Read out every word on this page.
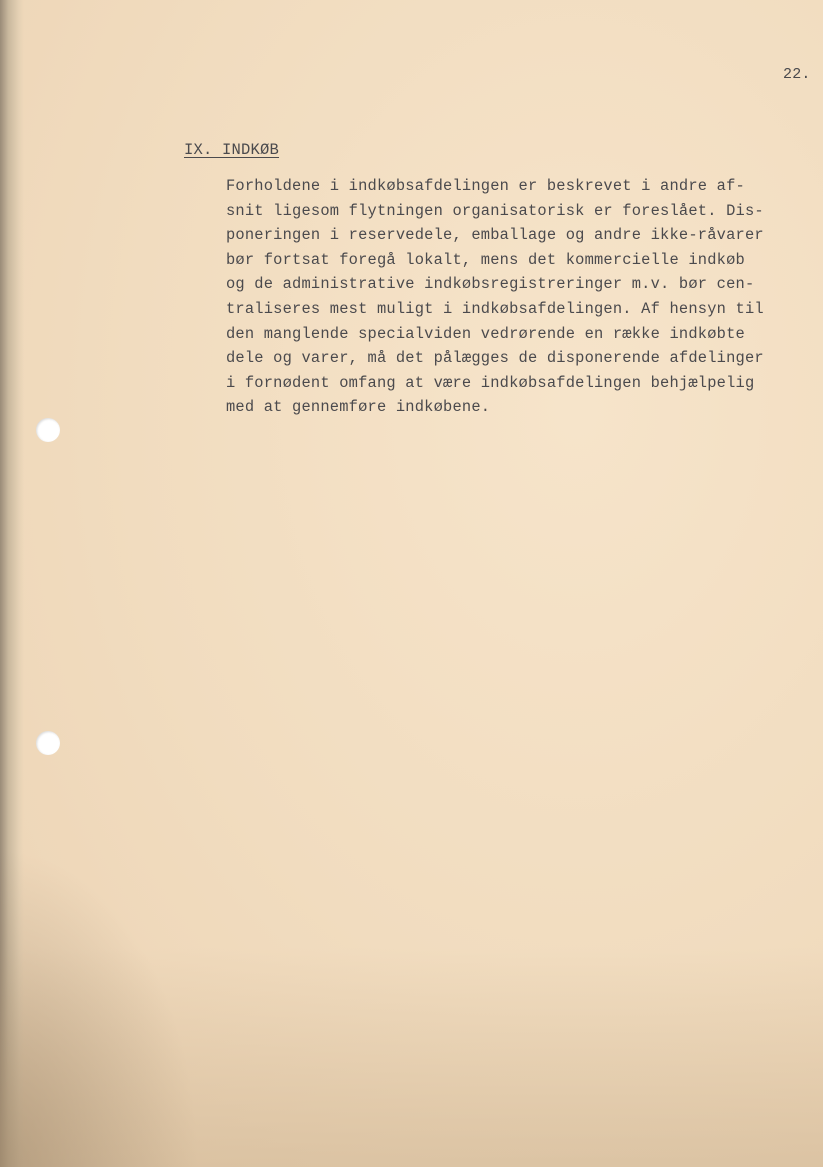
22.
IX. INDKØB
Forholdene i indkøbsafdelingen er beskrevet i andre af-
snit ligesom flytningen organisatorisk er foreslået. Dis-
poneringen i reservedele, emballage og andre ikke-råvarer
bør fortsat foregå lokalt, mens det kommercielle indkøb
og de administrative indkøbsregistreringer m.v. bør cen-
traliseres mest muligt i indkøbsafdelingen. Af hensyn til
den manglende specialviden vedrørende en række indkøbte
dele og varer, må det pålægges de disponerende afdelinger
i fornødent omfang at være indkøbsafdelingen behjælpelig
med at gennemføre indkøbene.
